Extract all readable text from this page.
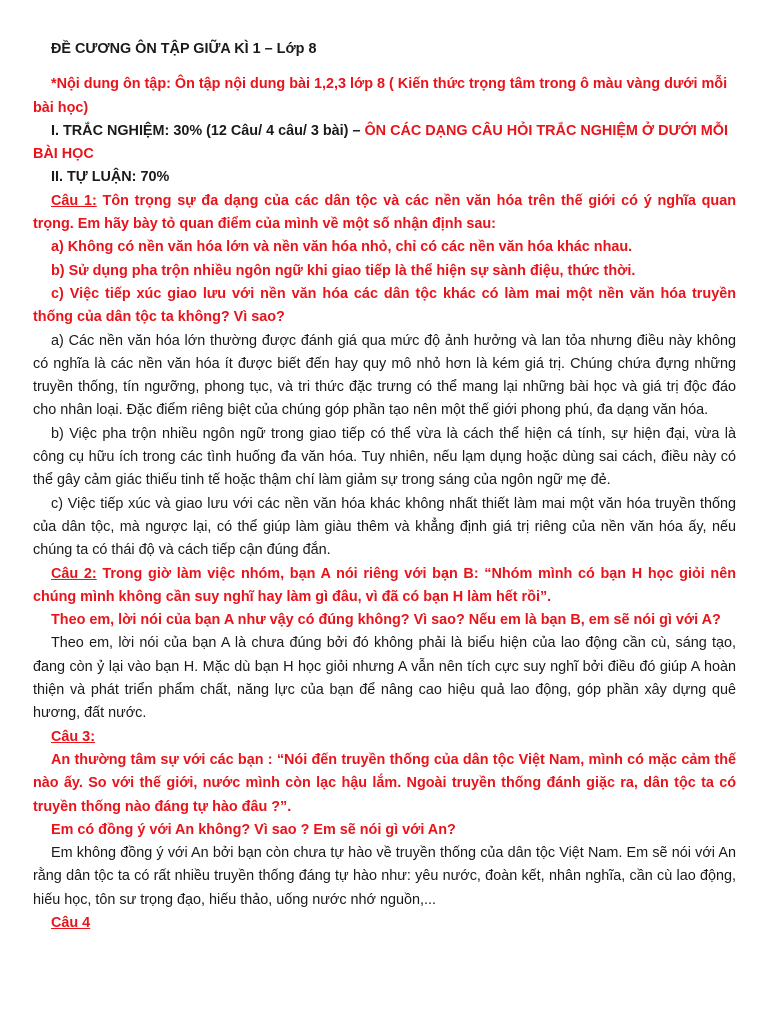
ĐỀ CƯƠNG ÔN TẬP GIỮA KÌ 1 – Lớp 8

*Nội dung ôn tập: Ôn tập nội dung bài 1,2,3 lớp 8 ( Kiến thức trọng tâm trong ô màu vàng dưới mỗi bài học)

I. TRẮC NGHIỆM: 30% (12 Câu/ 4 câu/ 3 bài) – ÔN CÁC DẠNG CÂU HỎI TRẮC NGHIỆM Ở DƯỚI MỖI BÀI HỌC

II. TỰ LUẬN: 70%

Câu 1: Tôn trọng sự đa dạng của các dân tộc và các nền văn hóa trên thế giới có ý nghĩa quan trọng. Em hãy bày tỏ quan điểm của mình về một số nhận định sau:

a) Không có nền văn hóa lớn và nền văn hóa nhỏ, chỉ có các nền văn hóa khác nhau.

b) Sử dụng pha trộn nhiều ngôn ngữ khi giao tiếp là thể hiện sự sành điệu, thức thời.

c) Việc tiếp xúc giao lưu với nền văn hóa các dân tộc khác có làm mai một nền văn hóa truyền thống của dân tộc ta không? Vì sao?

a) Các nền văn hóa lớn thường được đánh giá qua mức độ ảnh hưởng và lan tỏa nhưng điều này không có nghĩa là các nền văn hóa ít được biết đến hay quy mô nhỏ hơn là kém giá trị. Chúng chứa đựng những truyền thống, tín ngưỡng, phong tục, và tri thức đặc trưng có thể mang lại những bài học và giá trị độc đáo cho nhân loại. Đặc điểm riêng biệt của chúng góp phần tạo nên một thế giới phong phú, đa dạng văn hóa.

b) Việc pha trộn nhiều ngôn ngữ trong giao tiếp có thể vừa là cách thể hiện cá tính, sự hiện đại, vừa là công cụ hữu ích trong các tình huống đa văn hóa. Tuy nhiên, nếu lạm dụng hoặc dùng sai cách, điều này có thể gây cảm giác thiếu tinh tế hoặc thậm chí làm giảm sự trong sáng của ngôn ngữ mẹ đẻ.

c) Việc tiếp xúc và giao lưu với các nền văn hóa khác không nhất thiết làm mai một văn hóa truyền thống của dân tộc, mà ngược lại, có thể giúp làm giàu thêm và khẳng định giá trị riêng của nền văn hóa ấy, nếu chúng ta có thái độ và cách tiếp cận đúng đắn.

Câu 2: Trong giờ làm việc nhóm, bạn A nói riêng với bạn B: “Nhóm mình có bạn H học giỏi nên chúng mình không cần suy nghĩ hay làm gì đâu, vì đã có bạn H làm hết rồi”.

Theo em, lời nói của bạn A như vậy có đúng không? Vì sao? Nếu em là bạn B, em sẽ nói gì với A?

Theo em, lời nói của bạn A là chưa đúng bởi đó không phải là biểu hiện của lao động cần cù, sáng tạo, đang còn ỷ lại vào bạn H. Mặc dù bạn H học giỏi nhưng A vẫn nên tích cực suy nghĩ bởi điều đó giúp A hoàn thiện và phát triển phẩm chất, năng lực của bạn để nâng cao hiệu quả lao động, góp phần xây dựng quê hương, đất nước.

Câu 3:

An thường tâm sự với các bạn : “Nói đến truyền thống của dân tộc Việt Nam, mình có mặc cảm thế nào ấy. So với thế giới, nước mình còn lạc hậu lắm. Ngoài truyền thống đánh giặc ra, dân tộc ta có truyền thống nào đáng tự hào đâu ?”.

Em có đồng ý với An không? Vì sao ? Em sẽ nói gì với An?

Em không đồng ý với An bởi bạn còn chưa tự hào về truyền thống của dân tộc Việt Nam. Em sẽ nói với An rằng dân tộc ta có rất nhiều truyền thống đáng tự hào như: yêu nước, đoàn kết, nhân nghĩa, cần cù lao động, hiếu học, tôn sư trọng đạo, hiếu thảo, uống nước nhớ nguồn,...

Câu 4
